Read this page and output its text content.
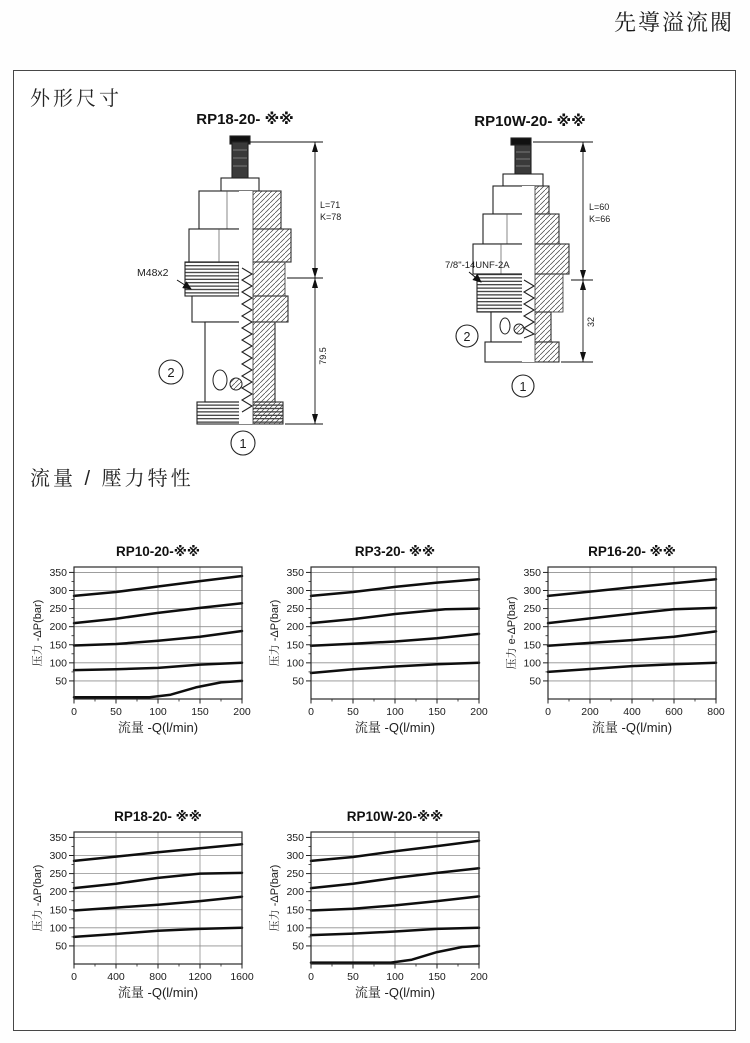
先導溢流閥
外形尺寸
RP18-20- ※※	RP10W-20- ※※
L=71
K=78
79.5
M48x2
2
1
L=60
K=66
32
7/8"-14UNF-2A
2
1
流量 / 壓力特性
0	50	100 150 200
50
100
150
200
250
300
350
RP10-20-※※
流量 -Q(l/min)
压力 -ΔP(bar)
0	50	100 150 200
50
100
150
200
250
300
350
RP3-20- ※※
流量 -Q(l/min)
压力 -ΔP(bar)
0	200 400 600 800
50
100
150
200
250
300
350
RP16-20- ※※
流量 -Q(l/min)
压力 e-ΔP(bar)
0	400 800 1200 1600
50
100
150
200
250
300
350
RP18-20- ※※
流量 -Q(l/min)
压力 -ΔP(bar)
0	50	100 150 200
50
100
150
200
250
300
350
RP10W-20-※※
流量 -Q(l/min)
压力 -ΔP(bar)
